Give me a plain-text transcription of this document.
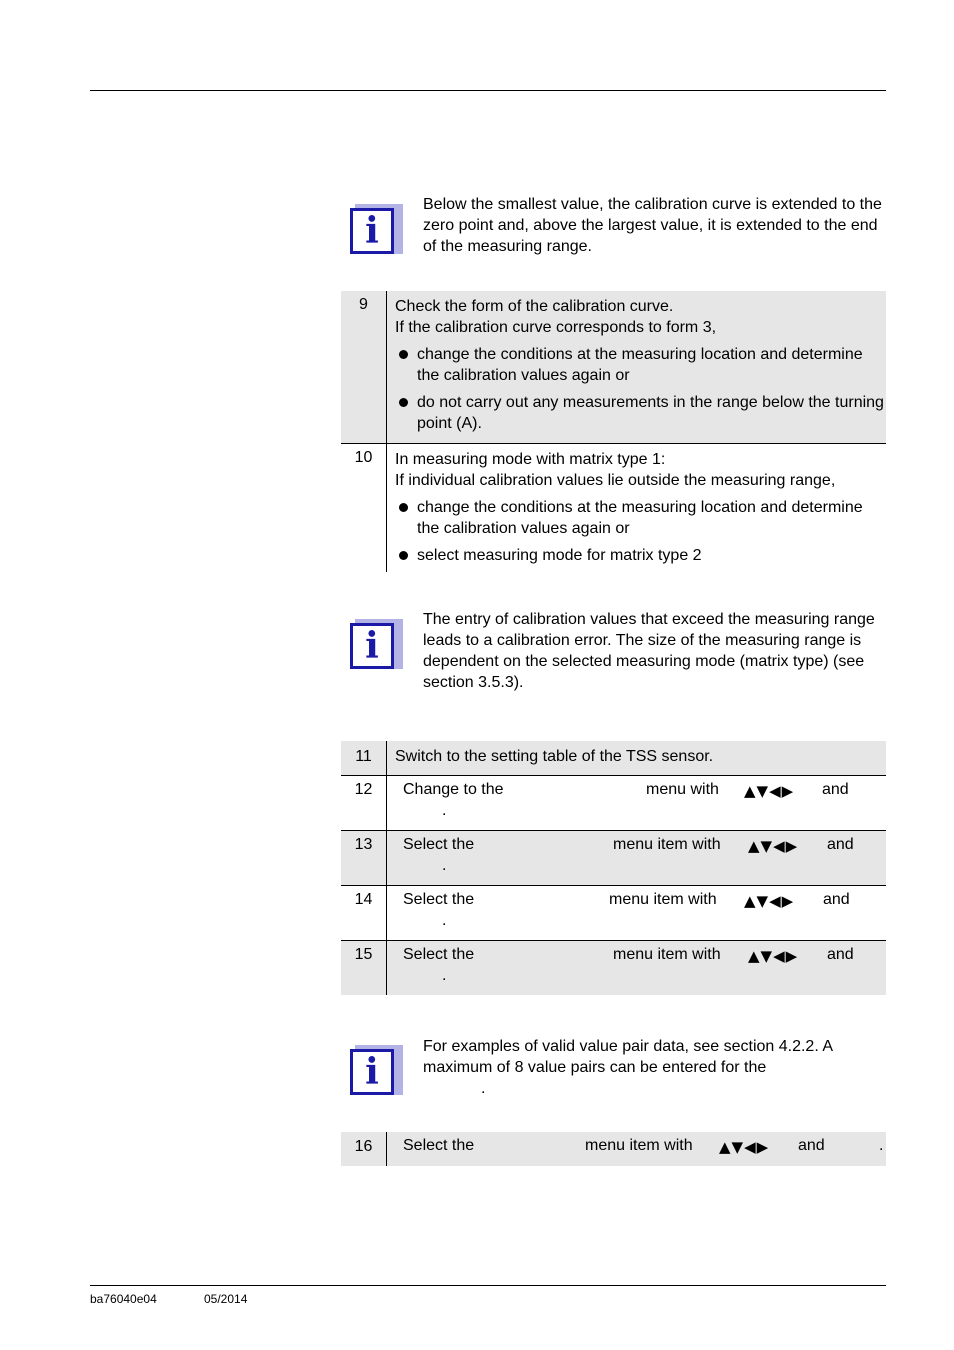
i
Below the smallest value, the calibration curve is extended to the zero point and, above the largest value, it is extended to the end of the measuring range.
9	Check the form of the calibration curve.
If the calibration curve corresponds to form 3,
change the conditions at the measuring location and determine the calibration values again or
do not carry out any measurements in the range below the turning point (A).

10	In measuring mode with matrix type 1:
If individual calibration values lie outside the measuring range,
change the conditions at the measuring location and determine the calibration values again or
select measuring mode for matrix type 2
i
The entry of calibration values that exceed the measuring range leads to a calibration error. The size of the measuring range is dependent on the selected measuring mode (matrix type) (see section 3.5.3).
11	Switch to the setting table of the TSS sensor.
12	Change to the menu with ▲▼◀▶ and
.

13	Select the menu item with ▲▼◀▶ and
.

14	Select the menu item with ▲▼◀▶ and
.

15	Select the menu item with ▲▼◀▶ and
.
i
For examples of valid value pair data, see section 4.2.2. A maximum of 8 value pairs can be entered for the
.
16	Select the	menu item with ▲▼◀▶ and	.
ba76040e04	05/2014
